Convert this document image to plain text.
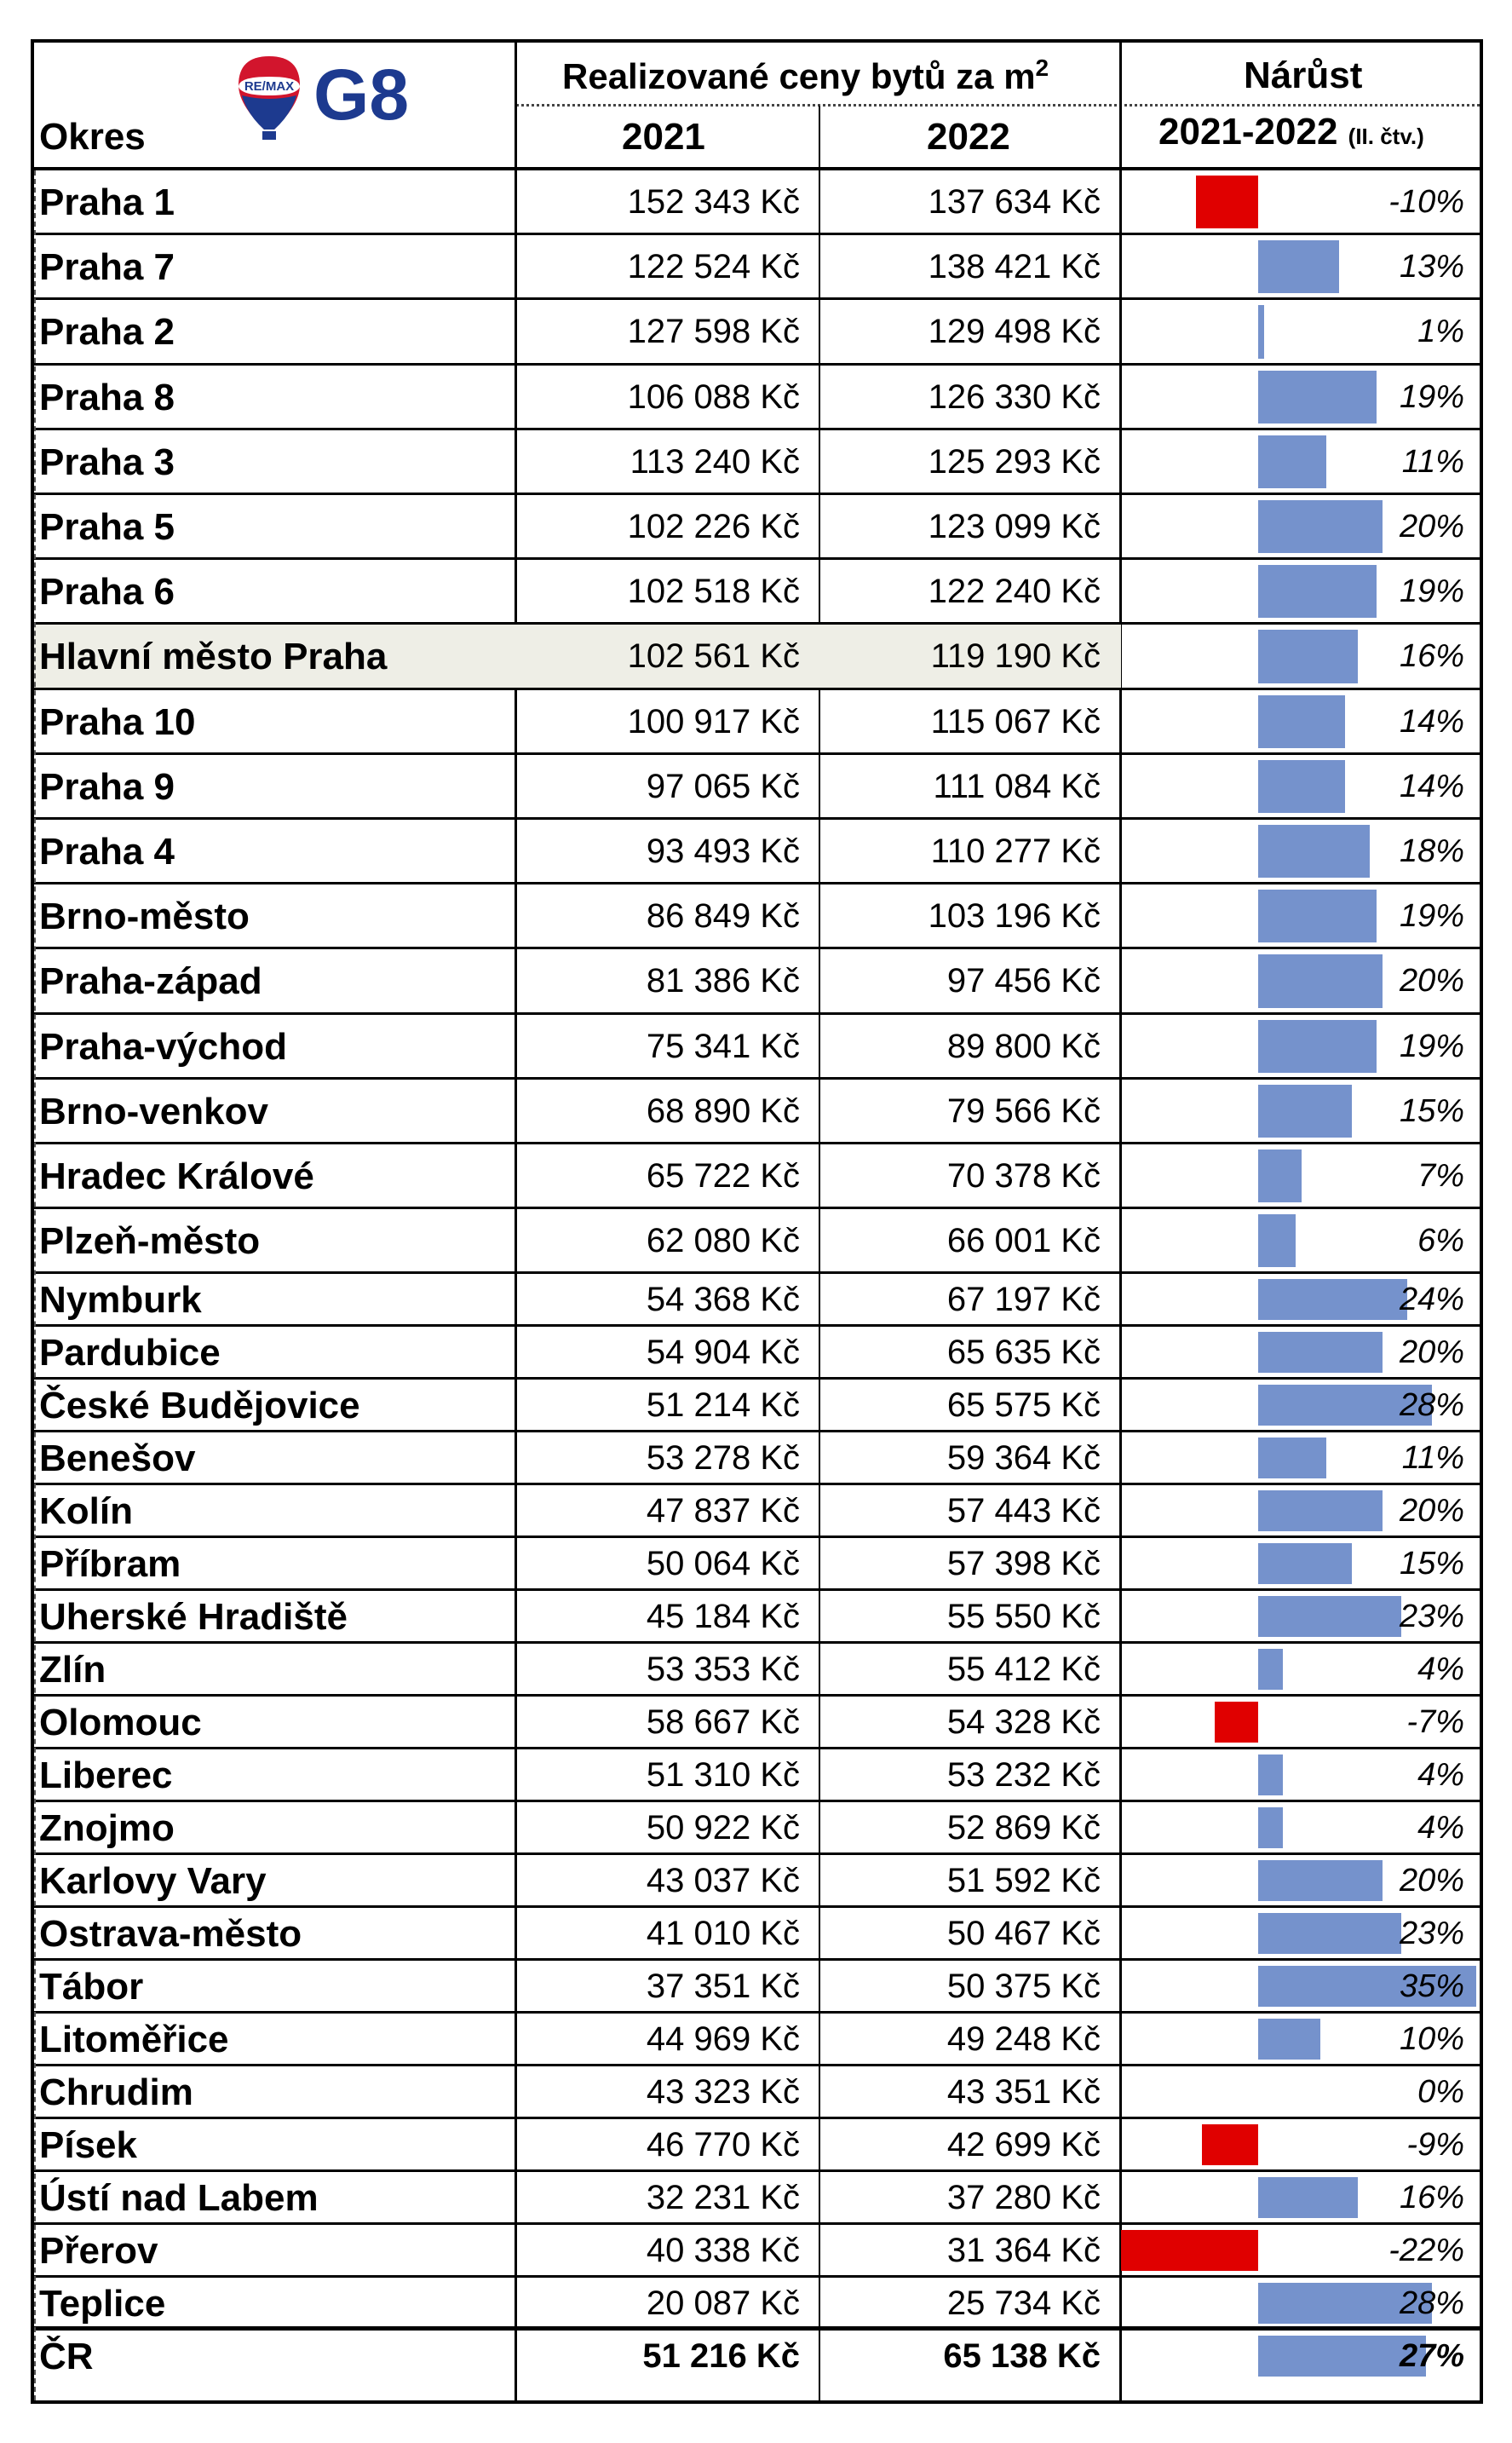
Okres
RE/MAX G8	Realizované ceny bytů za $m^2$	Nárůst
2021	2022	2021-2022 (II. čtv.)
Praha 1	152 343 Kč	137 634 Kč	-10%
Praha 7	122 524 Kč	138 421 Kč	13%
Praha 2	127 598 Kč	129 498 Kč	1%
Praha 8	106 088 Kč	126 330 Kč	19%
Praha 3	113 240 Kč	125 293 Kč	11%
Praha 5	102 226 Kč	123 099 Kč	20%
Praha 6	102 518 Kč	122 240 Kč	19%
Hlavní město Praha	102 561 Kč	119 190 Kč	16%
Praha 10	100 917 Kč	115 067 Kč	14%
Praha 9	97 065 Kč	111 084 Kč	14%
Praha 4	93 493 Kč	110 277 Kč	18%
Brno-město	86 849 Kč	103 196 Kč	19%
Praha-západ	81 386 Kč	97 456 Kč	20%
Praha-východ	75 341 Kč	89 800 Kč	19%
Brno-venkov	68 890 Kč	79 566 Kč	15%
Hradec Králové	65 722 Kč	70 378 Kč	7%
Plzeň-město	62 080 Kč	66 001 Kč	6%
Nymburk	54 368 Kč	67 197 Kč	24%
Pardubice	54 904 Kč	65 635 Kč	20%
České Budějovice	51 214 Kč	65 575 Kč	28%
Benešov	53 278 Kč	59 364 Kč	11%
Kolín	47 837 Kč	57 443 Kč	20%
Příbram	50 064 Kč	57 398 Kč	15%
Uherské Hradiště	45 184 Kč	55 550 Kč	23%
Zlín	53 353 Kč	55 412 Kč	4%
Olomouc	58 667 Kč	54 328 Kč	-7%
Liberec	51 310 Kč	53 232 Kč	4%
Znojmo	50 922 Kč	52 869 Kč	4%
Karlovy Vary	43 037 Kč	51 592 Kč	20%
Ostrava-město	41 010 Kč	50 467 Kč	23%
Tábor	37 351 Kč	50 375 Kč	35%
Litoměřice	44 969 Kč	49 248 Kč	10%
Chrudim	43 323 Kč	43 351 Kč	0%
Písek	46 770 Kč	42 699 Kč	-9%
Ústí nad Labem	32 231 Kč	37 280 Kč	16%
Přerov	40 338 Kč	31 364 Kč	-22%
Teplice	20 087 Kč	25 734 Kč	28%
ČR	51 216 Kč	65 138 Kč	27%
